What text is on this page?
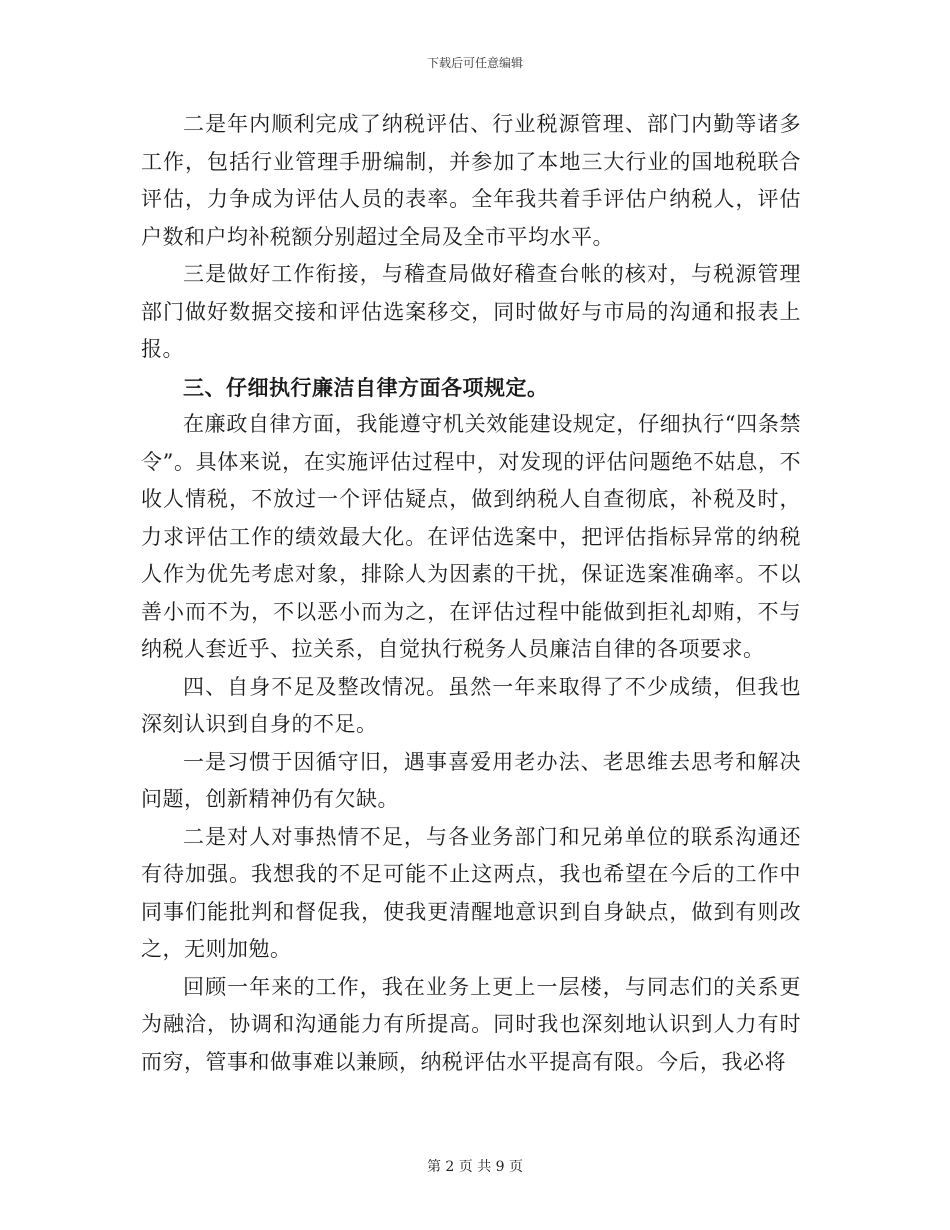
下载后可任意编辑

二是年内顺利完成了纳税评估、行业税源管理、部门内勤等诸多工作，包括行业管理手册编制，并参加了本地三大行业的国地税联合评估，力争成为评估人员的表率。全年我共着手评估户纳税人，评估户数和户均补税额分别超过全局及全市平均水平。

三是做好工作衔接，与稽查局做好稽查台帐的核对，与税源管理部门做好数据交接和评估选案移交，同时做好与市局的沟通和报表上报。

三、仔细执行廉洁自律方面各项规定。

在廉政自律方面，我能遵守机关效能建设规定，仔细执行“四条禁令”。具体来说，在实施评估过程中，对发现的评估问题绝不姑息，不收人情税，不放过一个评估疑点，做到纳税人自查彻底，补税及时，力求评估工作的绩效最大化。在评估选案中，把评估指标异常的纳税人作为优先考虑对象，排除人为因素的干扰，保证选案准确率。不以善小而不为，不以恶小而为之，在评估过程中能做到拒礼却贿，不与纳税人套近乎、拉关系，自觉执行税务人员廉洁自律的各项要求。

四、自身不足及整改情况。虽然一年来取得了不少成绩，但我也深刻认识到自身的不足。

一是习惯于因循守旧，遇事喜爱用老办法、老思维去思考和解决问题，创新精神仍有欠缺。

二是对人对事热情不足，与各业务部门和兄弟单位的联系沟通还有待加强。我想我的不足可能不止这两点，我也希望在今后的工作中同事们能批判和督促我，使我更清醒地意识到自身缺点，做到有则改之，无则加勉。

回顾一年来的工作，我在业务上更上一层楼，与同志们的关系更为融洽，协调和沟通能力有所提高。同时我也深刻地认识到人力有时而穷，管事和做事难以兼顾，纳税评估水平提高有限。今后，我必将

第 2 页 共 9 页
